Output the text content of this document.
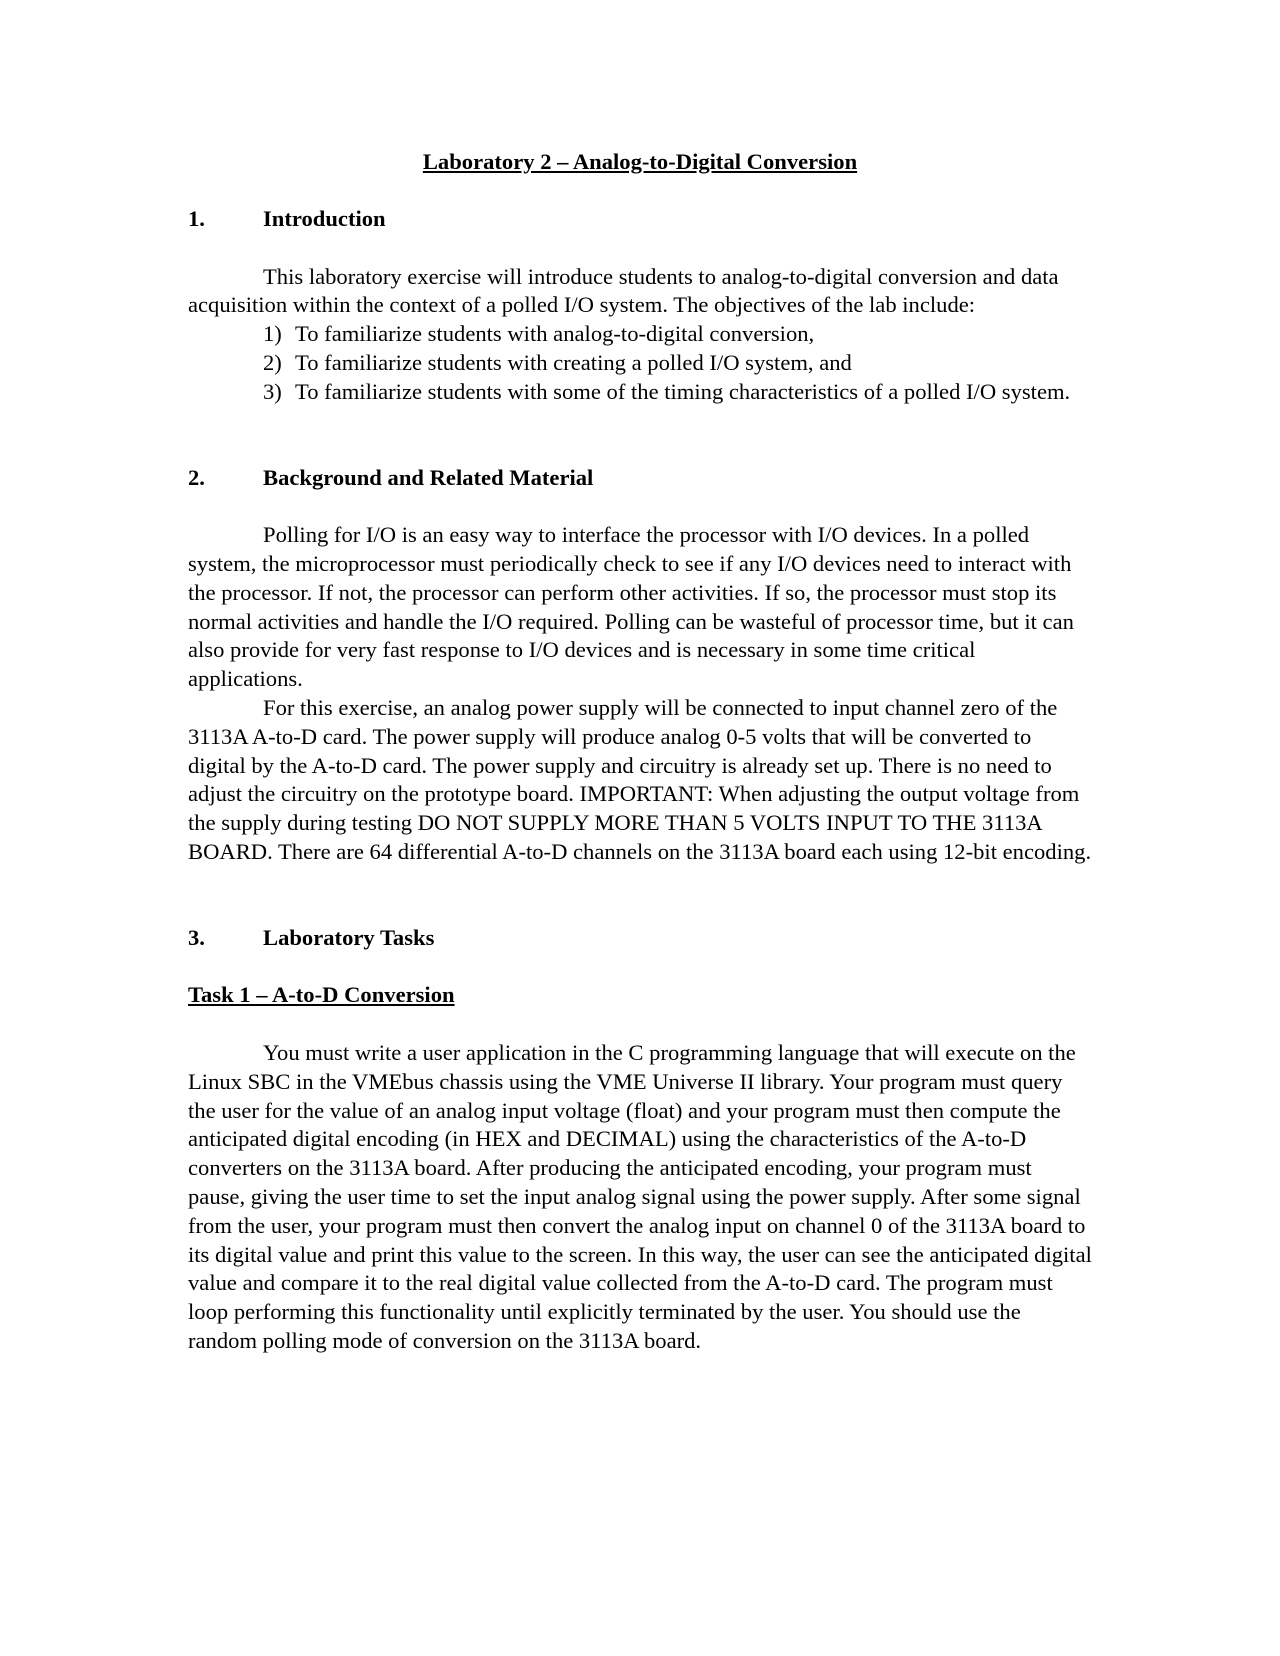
Laboratory 2 – Analog-to-Digital Conversion
1.	Introduction

This laboratory exercise will introduce students to analog-to-digital conversion and data acquisition within the context of a polled I/O system. The objectives of the lab include:

1) To familiarize students with analog-to-digital conversion,
2) To familiarize students with creating a polled I/O system, and
3) To familiarize students with some of the timing characteristics of a polled I/O system.
2.	Background and Related Material

Polling for I/O is an easy way to interface the processor with I/O devices. In a polled system, the microprocessor must periodically check to see if any I/O devices need to interact with the processor. If not, the processor can perform other activities. If so, the processor must stop its normal activities and handle the I/O required. Polling can be wasteful of processor time, but it can also provide for very fast response to I/O devices and is necessary in some time critical applications.

For this exercise, an analog power supply will be connected to input channel zero of the 3113A A-to-D card. The power supply will produce analog 0-5 volts that will be converted to digital by the A-to-D card. The power supply and circuitry is already set up. There is no need to adjust the circuitry on the prototype board. IMPORTANT: When adjusting the output voltage from the supply during testing DO NOT SUPPLY MORE THAN 5 VOLTS INPUT TO THE 3113A BOARD. There are 64 differential A-to-D channels on the 3113A board each using 12-bit encoding.

3.	Laboratory Tasks
Task 1 – A-to-D Conversion

You must write a user application in the C programming language that will execute on the Linux SBC in the VMEbus chassis using the VME Universe II library. Your program must query the user for the value of an analog input voltage (float) and your program must then compute the anticipated digital encoding (in HEX and DECIMAL) using the characteristics of the A-to-D converters on the 3113A board. After producing the anticipated encoding, your program must pause, giving the user time to set the input analog signal using the power supply. After some signal from the user, your program must then convert the analog input on channel 0 of the 3113A board to its digital value and print this value to the screen. In this way, the user can see the anticipated digital value and compare it to the real digital value collected from the A-to-D card. The program must loop performing this functionality until explicitly terminated by the user. You should use the random polling mode of conversion on the 3113A board.
